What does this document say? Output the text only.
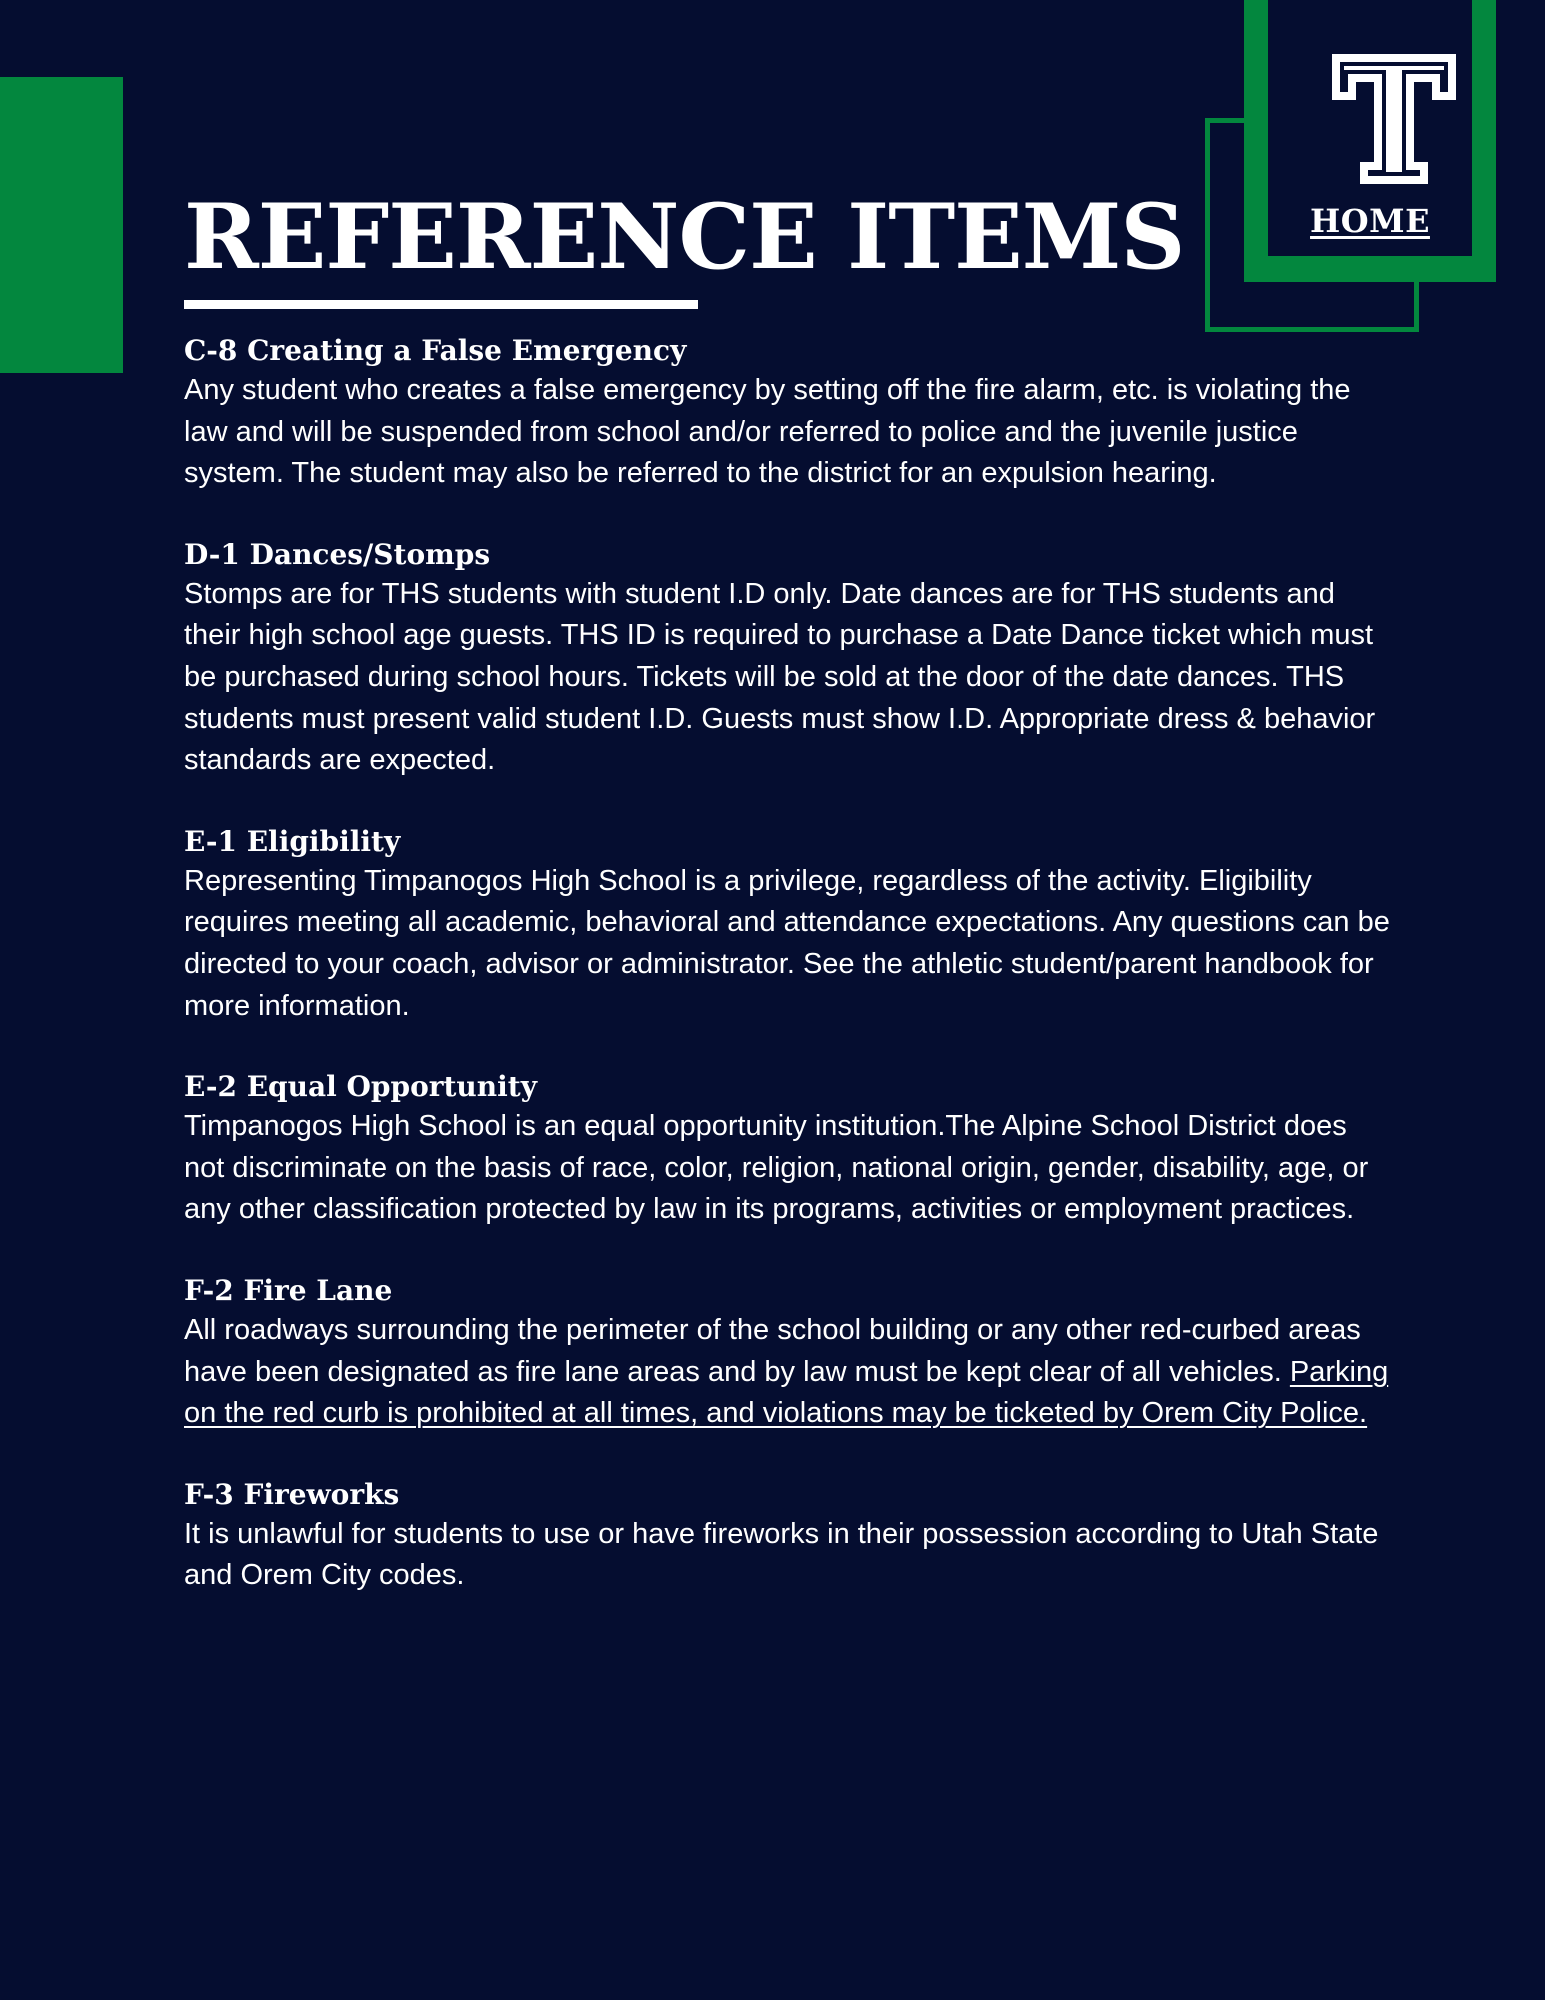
HOME
REFERENCE ITEMS
C-8 Creating a False Emergency

Any student who creates a false emergency by setting off the fire alarm, etc. is violating the law and will be suspended from school and/or referred to police and the juvenile justice system. The student may also be referred to the district for an expulsion hearing.

D-1 Dances/Stomps

Stomps are for THS students with student I.D only. Date dances are for THS students and their high school age guests. THS ID is required to purchase a Date Dance ticket which must be purchased during school hours. Tickets will be sold at the door of the date dances. THS students must present valid student I.D. Guests must show I.D. Appropriate dress & behavior standards are expected.

E-1 Eligibility

Representing Timpanogos High School is a privilege, regardless of the activity. Eligibility requires meeting all academic, behavioral and attendance expectations. Any questions can be directed to your coach, advisor or administrator. See the athletic student/parent handbook for more information.

E-2 Equal Opportunity

Timpanogos High School is an equal opportunity institution.The Alpine School District does not discriminate on the basis of race, color, religion, national origin, gender, disability, age, or any other classification protected by law in its programs, activities or employment practices.

F-2 Fire Lane

All roadways surrounding the perimeter of the school building or any other red-curbed areas have been designated as fire lane areas and by law must be kept clear of all vehicles. Parking on the red curb is prohibited at all times, and violations may be ticketed by Orem City Police.

F-3 Fireworks

It is unlawful for students to use or have fireworks in their possession according to Utah State and Orem City codes.
